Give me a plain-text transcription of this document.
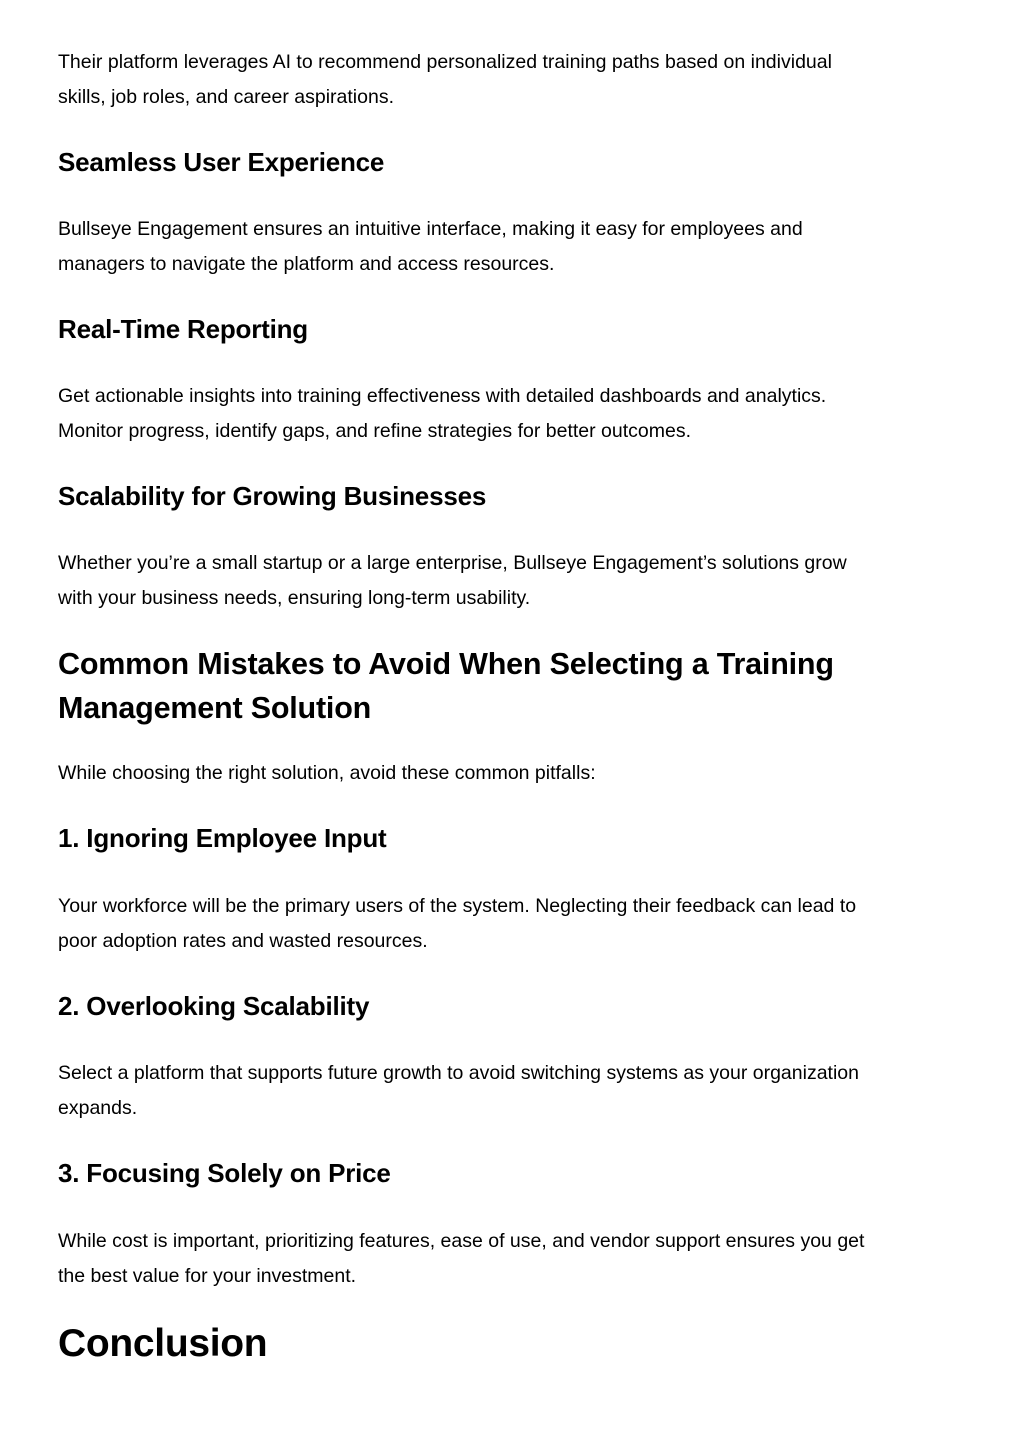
Their platform leverages AI to recommend personalized training paths based on individual
skills, job roles, and career aspirations.

Seamless User Experience

Bullseye Engagement ensures an intuitive interface, making it easy for employees and
managers to navigate the platform and access resources.

Real-Time Reporting

Get actionable insights into training effectiveness with detailed dashboards and analytics.
Monitor progress, identify gaps, and refine strategies for better outcomes.

Scalability for Growing Businesses

Whether you’re a small startup or a large enterprise, Bullseye Engagement’s solutions grow
with your business needs, ensuring long-term usability.

Common Mistakes to Avoid When Selecting a Training
Management Solution

While choosing the right solution, avoid these common pitfalls:

1. Ignoring Employee Input

Your workforce will be the primary users of the system. Neglecting their feedback can lead to
poor adoption rates and wasted resources.

2. Overlooking Scalability

Select a platform that supports future growth to avoid switching systems as your organization
expands.

3. Focusing Solely on Price

While cost is important, prioritizing features, ease of use, and vendor support ensures you get
the best value for your investment.

Conclusion
